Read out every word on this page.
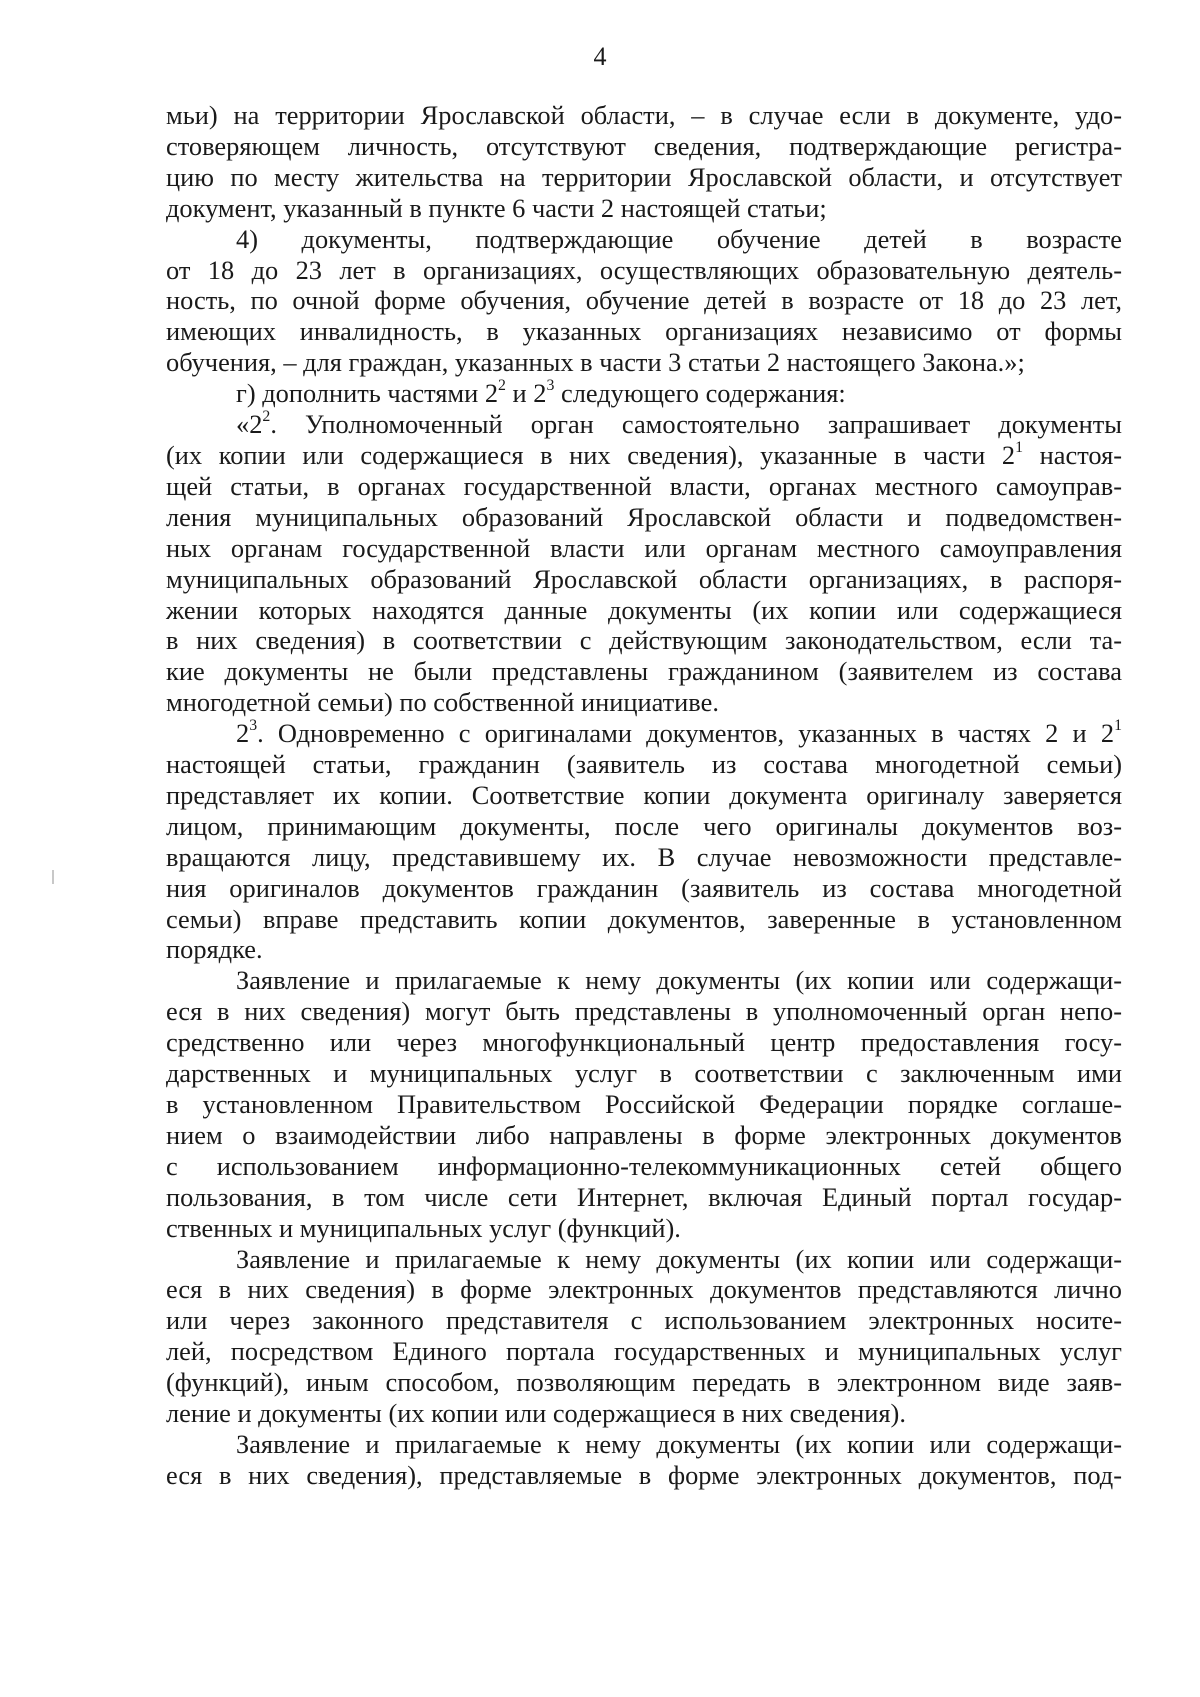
4
мьи) на территории Ярославской области, – в случае если в документе, удо-
стоверяющем личность, отсутствуют сведения, подтверждающие регистра-
цию по месту жительства на территории Ярославской области, и отсутствует
документ, указанный в пункте 6 части 2 настоящей статьи;
4) документы, подтверждающие обучение детей в возрасте
от 18 до 23 лет в организациях, осуществляющих образовательную деятель-
ность, по очной форме обучения, обучение детей в возрасте от 18 до 23 лет,
имеющих инвалидность, в указанных организациях независимо от формы
обучения, – для граждан, указанных в части 3 статьи 2 настоящего Закона.»;
г) дополнить частями $2^2$ и $2^3$ следующего содержания:
«$2^2$. Уполномоченный орган самостоятельно запрашивает документы
(их копии или содержащиеся в них сведения), указанные в части $2^1$ настоя-
щей статьи, в органах государственной власти, органах местного самоуправ-
ления муниципальных образований Ярославской области и подведомствен-
ных органам государственной власти или органам местного самоуправления
муниципальных образований Ярославской области организациях, в распоря-
жении которых находятся данные документы (их копии или содержащиеся
в них сведения) в соответствии с действующим законодательством, если та-
кие документы не были представлены гражданином (заявителем из состава
многодетной семьи) по собственной инициативе.
$2^3$. Одновременно с оригиналами документов, указанных в частях 2 и $2^1$
настоящей статьи, гражданин (заявитель из состава многодетной семьи)
представляет их копии. Соответствие копии документа оригиналу заверяется
лицом, принимающим документы, после чего оригиналы документов воз-
вращаются лицу, представившему их. В случае невозможности представле-
ния оригиналов документов гражданин (заявитель из состава многодетной
семьи) вправе представить копии документов, заверенные в установленном
порядке.
Заявление и прилагаемые к нему документы (их копии или содержащи-
еся в них сведения) могут быть представлены в уполномоченный орган непо-
средственно или через многофункциональный центр предоставления госу-
дарственных и муниципальных услуг в соответствии с заключенным ими
в установленном Правительством Российской Федерации порядке соглаше-
нием о взаимодействии либо направлены в форме электронных документов
с использованием информационно-телекоммуникационных сетей общего
пользования, в том числе сети Интернет, включая Единый портал государ-
ственных и муниципальных услуг (функций).
Заявление и прилагаемые к нему документы (их копии или содержащи-
еся в них сведения) в форме электронных документов представляются лично
или через законного представителя с использованием электронных носите-
лей, посредством Единого портала государственных и муниципальных услуг
(функций), иным способом, позволяющим передать в электронном виде заяв-
ление и документы (их копии или содержащиеся в них сведения).
Заявление и прилагаемые к нему документы (их копии или содержащи-
еся в них сведения), представляемые в форме электронных документов, под-
